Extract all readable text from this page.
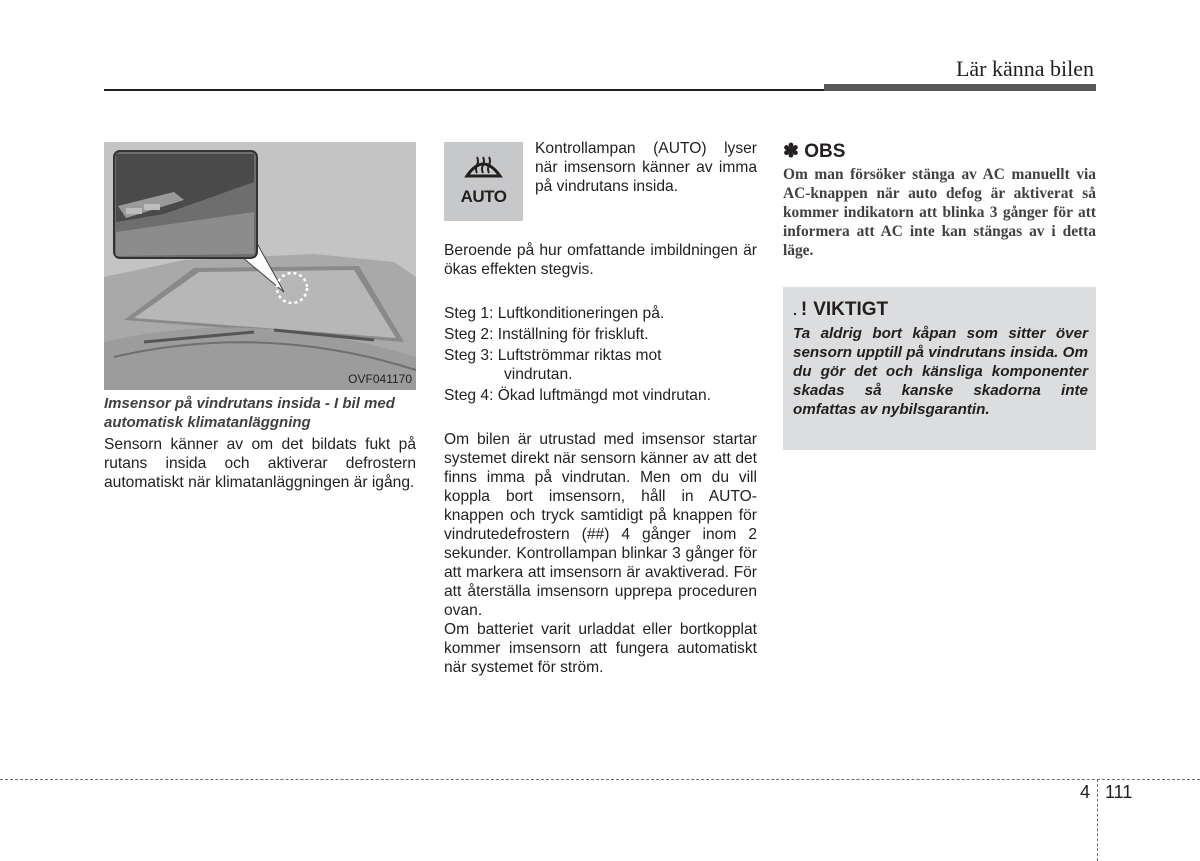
Lär känna bilen
OVF041170
Imsensor på vindrutans insida - I bil med automatisk klimatanläggning
Sensorn känner av om det bildats fukt på rutans insida och aktiverar defrostern automatiskt när klimatanläggningen är igång.
AUTO
Kontrollampan (AUTO) lyser när imsensorn känner av imma på vindrutans insida.
Beroende på hur omfattande imbildningen är ökas effekten stegvis.
Steg 1: Luftkonditioneringen på.
Steg 2: Inställning för friskluft.
Steg 3: Luftströmmar riktas mot
vindrutan.
Steg 4: Ökad luftmängd mot vindrutan.
Om bilen är utrustad med imsensor startar systemet direkt när sensorn känner av att det finns imma på vindrutan. Men om du vill koppla bort imsensorn, håll in AUTO-knappen och tryck samtidigt på knappen för vindrutedefrostern (##) 4 gånger inom 2 sekunder. Kontrollampan blinkar 3 gånger för att markera att imsensorn är avaktiverad. För att återställa imsensorn upprepa proceduren ovan.
Om batteriet varit urladdat eller bortkopplat kommer imsensorn att fungera automatiskt när systemet för ström.
✽ OBS
Om man försöker stänga av AC manuellt via AC-knappen när auto defog är aktiverat så kommer indikatorn att blinka 3 gånger för att informera att AC inte kan stängas av i detta läge.
. ! VIKTIGT
Ta aldrig bort kåpan som sitter över sensorn upptill på vindrutans insida. Om du gör det och känsliga komponenter skadas så kanske skadorna inte omfattas av nybilsgarantin.
4 111
